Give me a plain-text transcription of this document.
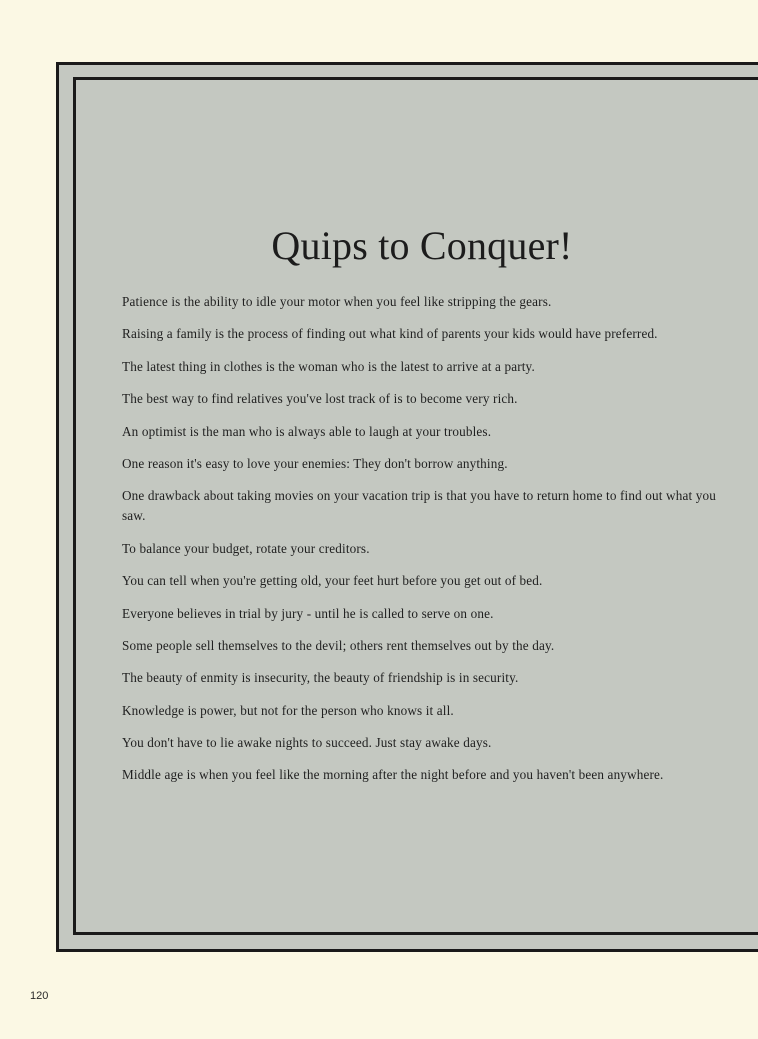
Quips to Conquer!
Patience is the ability to idle your motor when you feel like stripping the gears.
Raising a family is the process of finding out what kind of parents your kids would have preferred.
The latest thing in clothes is the woman who is the latest to arrive at a party.
The best way to find relatives you've lost track of is to become very rich.
An optimist is the man who is always able to laugh at your troubles.
One reason it's easy to love your enemies: They don't borrow anything.
One drawback about taking movies on your vacation trip is that you have to return home to find out what you saw.
To balance your budget, rotate your creditors.
You can tell when you're getting old, your feet hurt before you get out of bed.
Everyone believes in trial by jury - until he is called to serve on one.
Some people sell themselves to the devil; others rent themselves out by the day.
The beauty of enmity is insecurity, the beauty of friendship is in security.
Knowledge is power, but not for the person who knows it all.
You don't have to lie awake nights to succeed. Just stay awake days.
Middle age is when you feel like the morning after the night before and you haven't been anywhere.
120
